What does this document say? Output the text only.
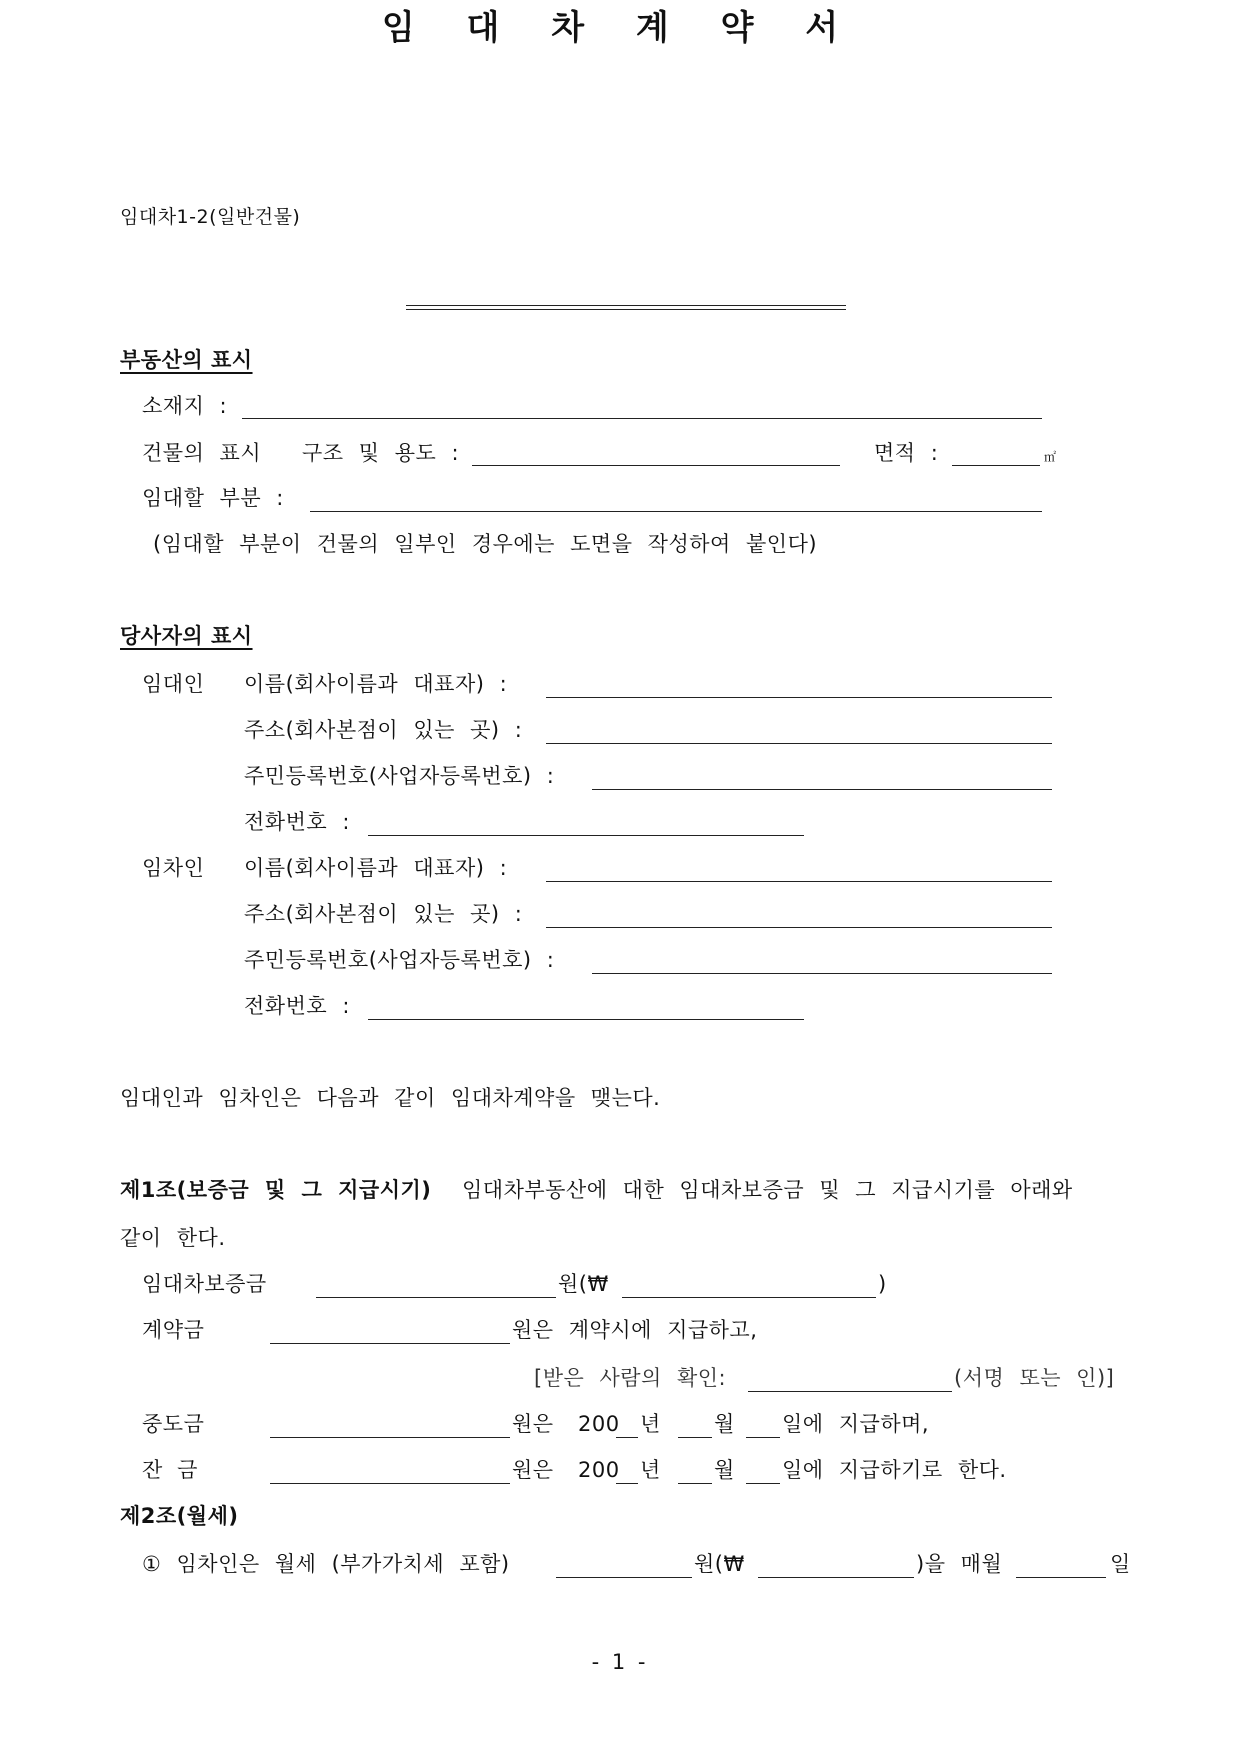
임대차1-2(일반건물)
임 대 차 계 약 서
부동산의 표시
소재지 :
건물의 표시 구조 및 용도 :	면적 :	㎡
임대할 부분 :
(임대할 부분이 건물의 일부인 경우에는 도면을 작성하여 붙인다)
당사자의 표시
임대인 이름(회사이름과 대표자) :
주소(회사본점이 있는 곳) :
주민등록번호(사업자등록번호) :
전화번호 :
임차인 이름(회사이름과 대표자) :
주소(회사본점이 있는 곳) :
주민등록번호(사업자등록번호) :
전화번호 :
임대인과 임차인은 다음과 같이 임대차계약을 맺는다.
제1조(보증금 및 그 지급시기) 임대차부동산에 대한 임대차보증금 및 그 지급시기를 아래와
같이 한다.
임대차보증금	원(₩	)
계약금	원은 계약시에 지급하고,
[받은 사람의 확인:	(서명 또는 인)]
중도금	원은 200 년	월 일에 지급하며,
잔  금	원은 200 년	월 일에 지급하기로 한다.
제2조(월세)
① 임차인은 월세 (부가가치세 포함)	원(₩	)을 매월	일
- 1 -
